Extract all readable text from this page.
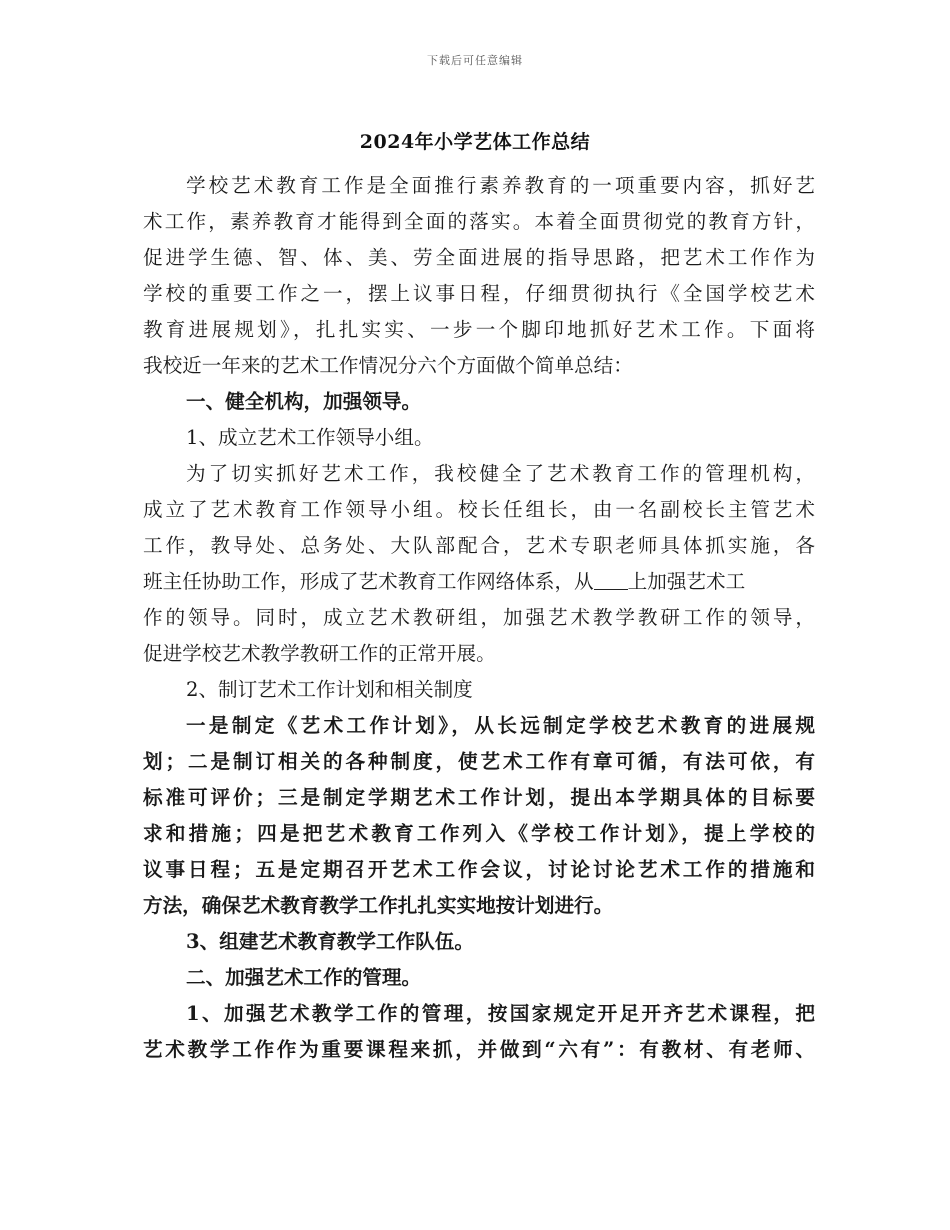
下载后可任意编辑
2024年小学艺体工作总结
学校艺术教育工作是全面推行素养教育的一项重要内容，抓好艺
术工作，素养教育才能得到全面的落实。本着全面贯彻党的教育方针，
促进学生德、智、体、美、劳全面进展的指导思路，把艺术工作作为
学校的重要工作之一，摆上议事日程，仔细贯彻执行《全国学校艺术
教育进展规划》，扎扎实实、一步一个脚印地抓好艺术工作。下面将
我校近一年来的艺术工作情况分六个方面做个简单总结：
一、健全机构，加强领导。
1、成立艺术工作领导小组。
为了切实抓好艺术工作，我校健全了艺术教育工作的管理机构，
成立了艺术教育工作领导小组。校长任组长，由一名副校长主管艺术
工作，教导处、总务处、大队部配合，艺术专职老师具体抓实施，各
班主任协助工作，形成了艺术教育工作网络体系，从 上加强艺术工
作的领导。同时，成立艺术教研组，加强艺术教学教研工作的领导，
促进学校艺术教学教研工作的正常开展。
2、制订艺术工作计划和相关制度
一是制定《艺术工作计划》，从长远制定学校艺术教育的进展规
划；二是制订相关的各种制度，使艺术工作有章可循，有法可依，有
标准可评价；三是制定学期艺术工作计划，提出本学期具体的目标要
求和措施；四是把艺术教育工作列入《学校工作计划》，提上学校的
议事日程；五是定期召开艺术工作会议，讨论讨论艺术工作的措施和
方法，确保艺术教育教学工作扎扎实实地按计划进行。
3、组建艺术教育教学工作队伍。
二、加强艺术工作的管理。
1、加强艺术教学工作的管理，按国家规定开足开齐艺术课程，把
艺术教学工作作为重要课程来抓，并做到“六有”：有教材、有老师、
